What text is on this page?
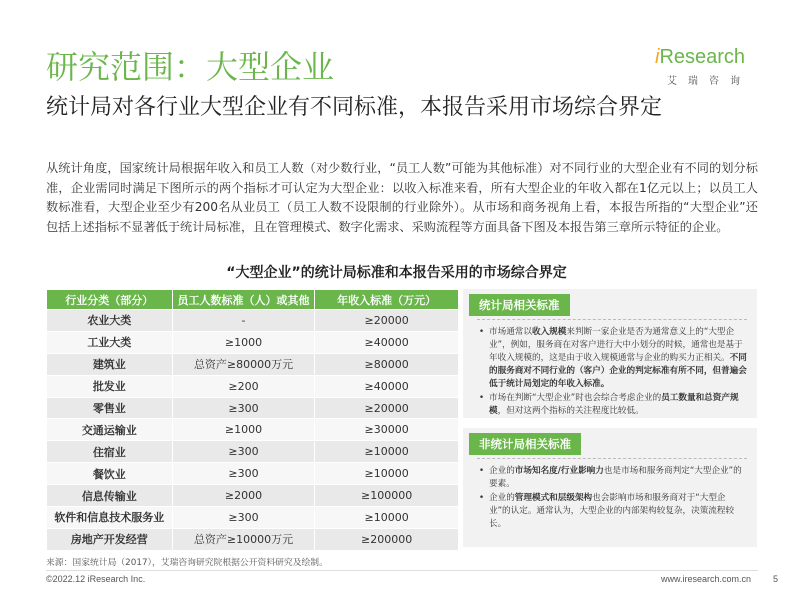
研究范围：大型企业
统计局对各行业大型企业有不同标准，本报告采用市场综合界定
iResearch
艾瑞咨询
从统计角度，国家统计局根据年收入和员工人数（对少数行业，“员工人数”可能为其他标准）对不同行业的大型企业有不同的划分标准，企业需同时满足下图所示的两个指标才可认定为大型企业：以收入标准来看，所有大型企业的年收入都在1亿元以上；以员工人数标准看，大型企业至少有200名从业员工（员工人数不设限制的行业除外）。从市场和商务视角上看，本报告所指的“大型企业”还包括上述指标不显著低于统计局标准，且在管理模式、数字化需求、采购流程等方面具备下图及本报告第三章所示特征的企业。
“大型企业”的统计局标准和本报告采用的市场综合界定
行业分类（部分）	员工人数标准（人）或其他	年收入标准（万元）
农业大类	-	≥20000
工业大类	≥1000	≥40000
建筑业	总资产≥80000万元	≥80000
批发业	≥200	≥40000
零售业	≥300	≥20000
交通运输业	≥1000	≥30000
住宿业	≥300	≥10000
餐饮业	≥300	≥10000
信息传输业	≥2000	≥100000
软件和信息技术服务业	≥300	≥10000
房地产开发经营	总资产≥10000万元	≥200000
统计局相关标准
• 市场通常以收入规模来判断一家企业是否为通常意义上的“大型企业”，例如，服务商在对客户进行大中小划分的时候，通常也是基于年收入规模的，这是由于收入规模通常与企业的购买力正相关。不同的服务商对不同行业的（客户）企业的判定标准有所不同，但普遍会低于统计局划定的年收入标准。
• 市场在判断“大型企业”时也会综合考虑企业的员工数量和总资产规模，但对这两个指标的关注程度比较低。
非统计局相关标准
• 企业的市场知名度/行业影响力也是市场和服务商判定“大型企业”的要素。
• 企业的管理模式和层级架构也会影响市场和服务商对于“大型企业”的认定。通常认为，大型企业的内部架构较复杂，决策流程较长。
来源：国家统计局（2017），艾瑞咨询研究院根据公开资料研究及绘制。
©2022.12 iResearch Inc.	www.iresearch.com.cn 5
